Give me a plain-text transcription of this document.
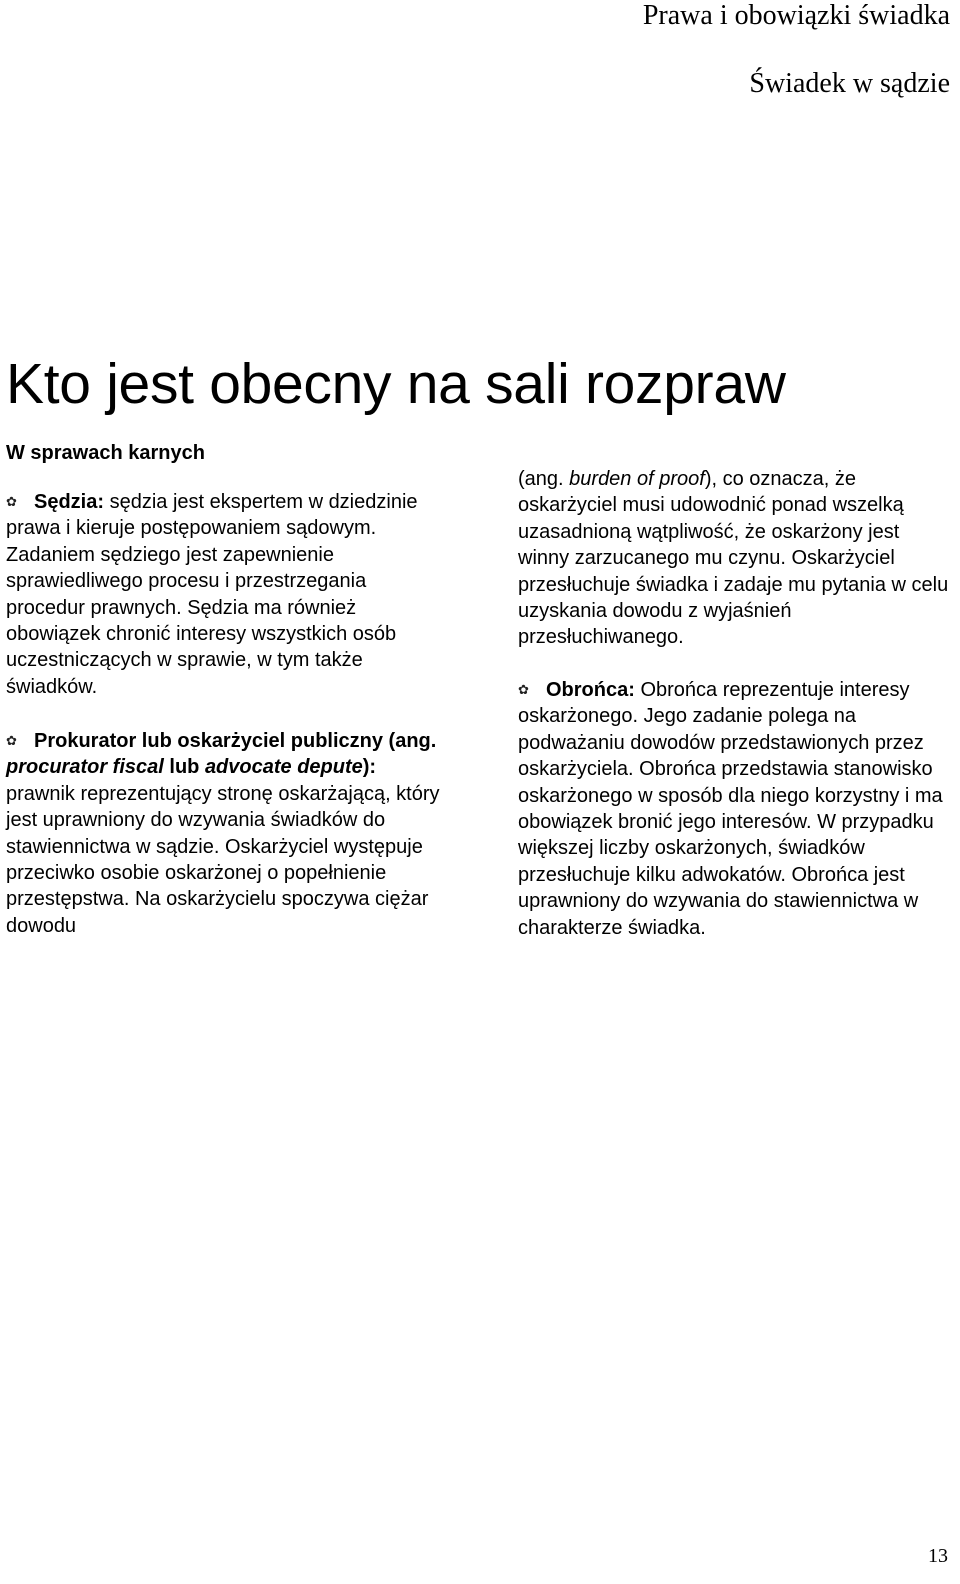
Prawa i obowiązki świadka
Świadek w sądzie
Kto jest obecny na sali rozpraw
W sprawach karnych

✿ Sędzia: sędzia jest ekspertem w dziedzinie prawa i kieruje postępowaniem sądowym. Zadaniem sędziego jest zapewnienie sprawiedliwego procesu i przestrzegania procedur prawnych. Sędzia ma również obowiązek chronić interesy wszystkich osób uczestniczących w sprawie, w tym także świadków.

✿ Prokurator lub oskarżyciel publiczny (ang. procurator fiscal lub advocate depute): prawnik reprezentujący stronę oskarżającą, który jest uprawniony do wzywania świadków do stawiennictwa w sądzie. Oskarżyciel występuje przeciwko osobie oskarżonej o popełnienie przestępstwa. Na oskarżycielu spoczywa ciężar dowodu

(ang. burden of proof), co oznacza, że oskarżyciel musi udowodnić ponad wszelką uzasadnioną wątpliwość, że oskarżony jest winny zarzucanego mu czynu. Oskarżyciel przesłuchuje świadka i zadaje mu pytania w celu uzyskania dowodu z wyjaśnień przesłuchiwanego.

✿ Obrońca: Obrońca reprezentuje interesy oskarżonego. Jego zadanie polega na podważaniu dowodów przedstawionych przez oskarżyciela. Obrońca przedstawia stanowisko oskarżonego w sposób dla niego korzystny i ma obowiązek bronić jego interesów. W przypadku większej liczby oskarżonych, świadków przesłuchuje kilku adwokatów. Obrońca jest uprawniony do wzywania do stawiennictwa w charakterze świadka.

13
